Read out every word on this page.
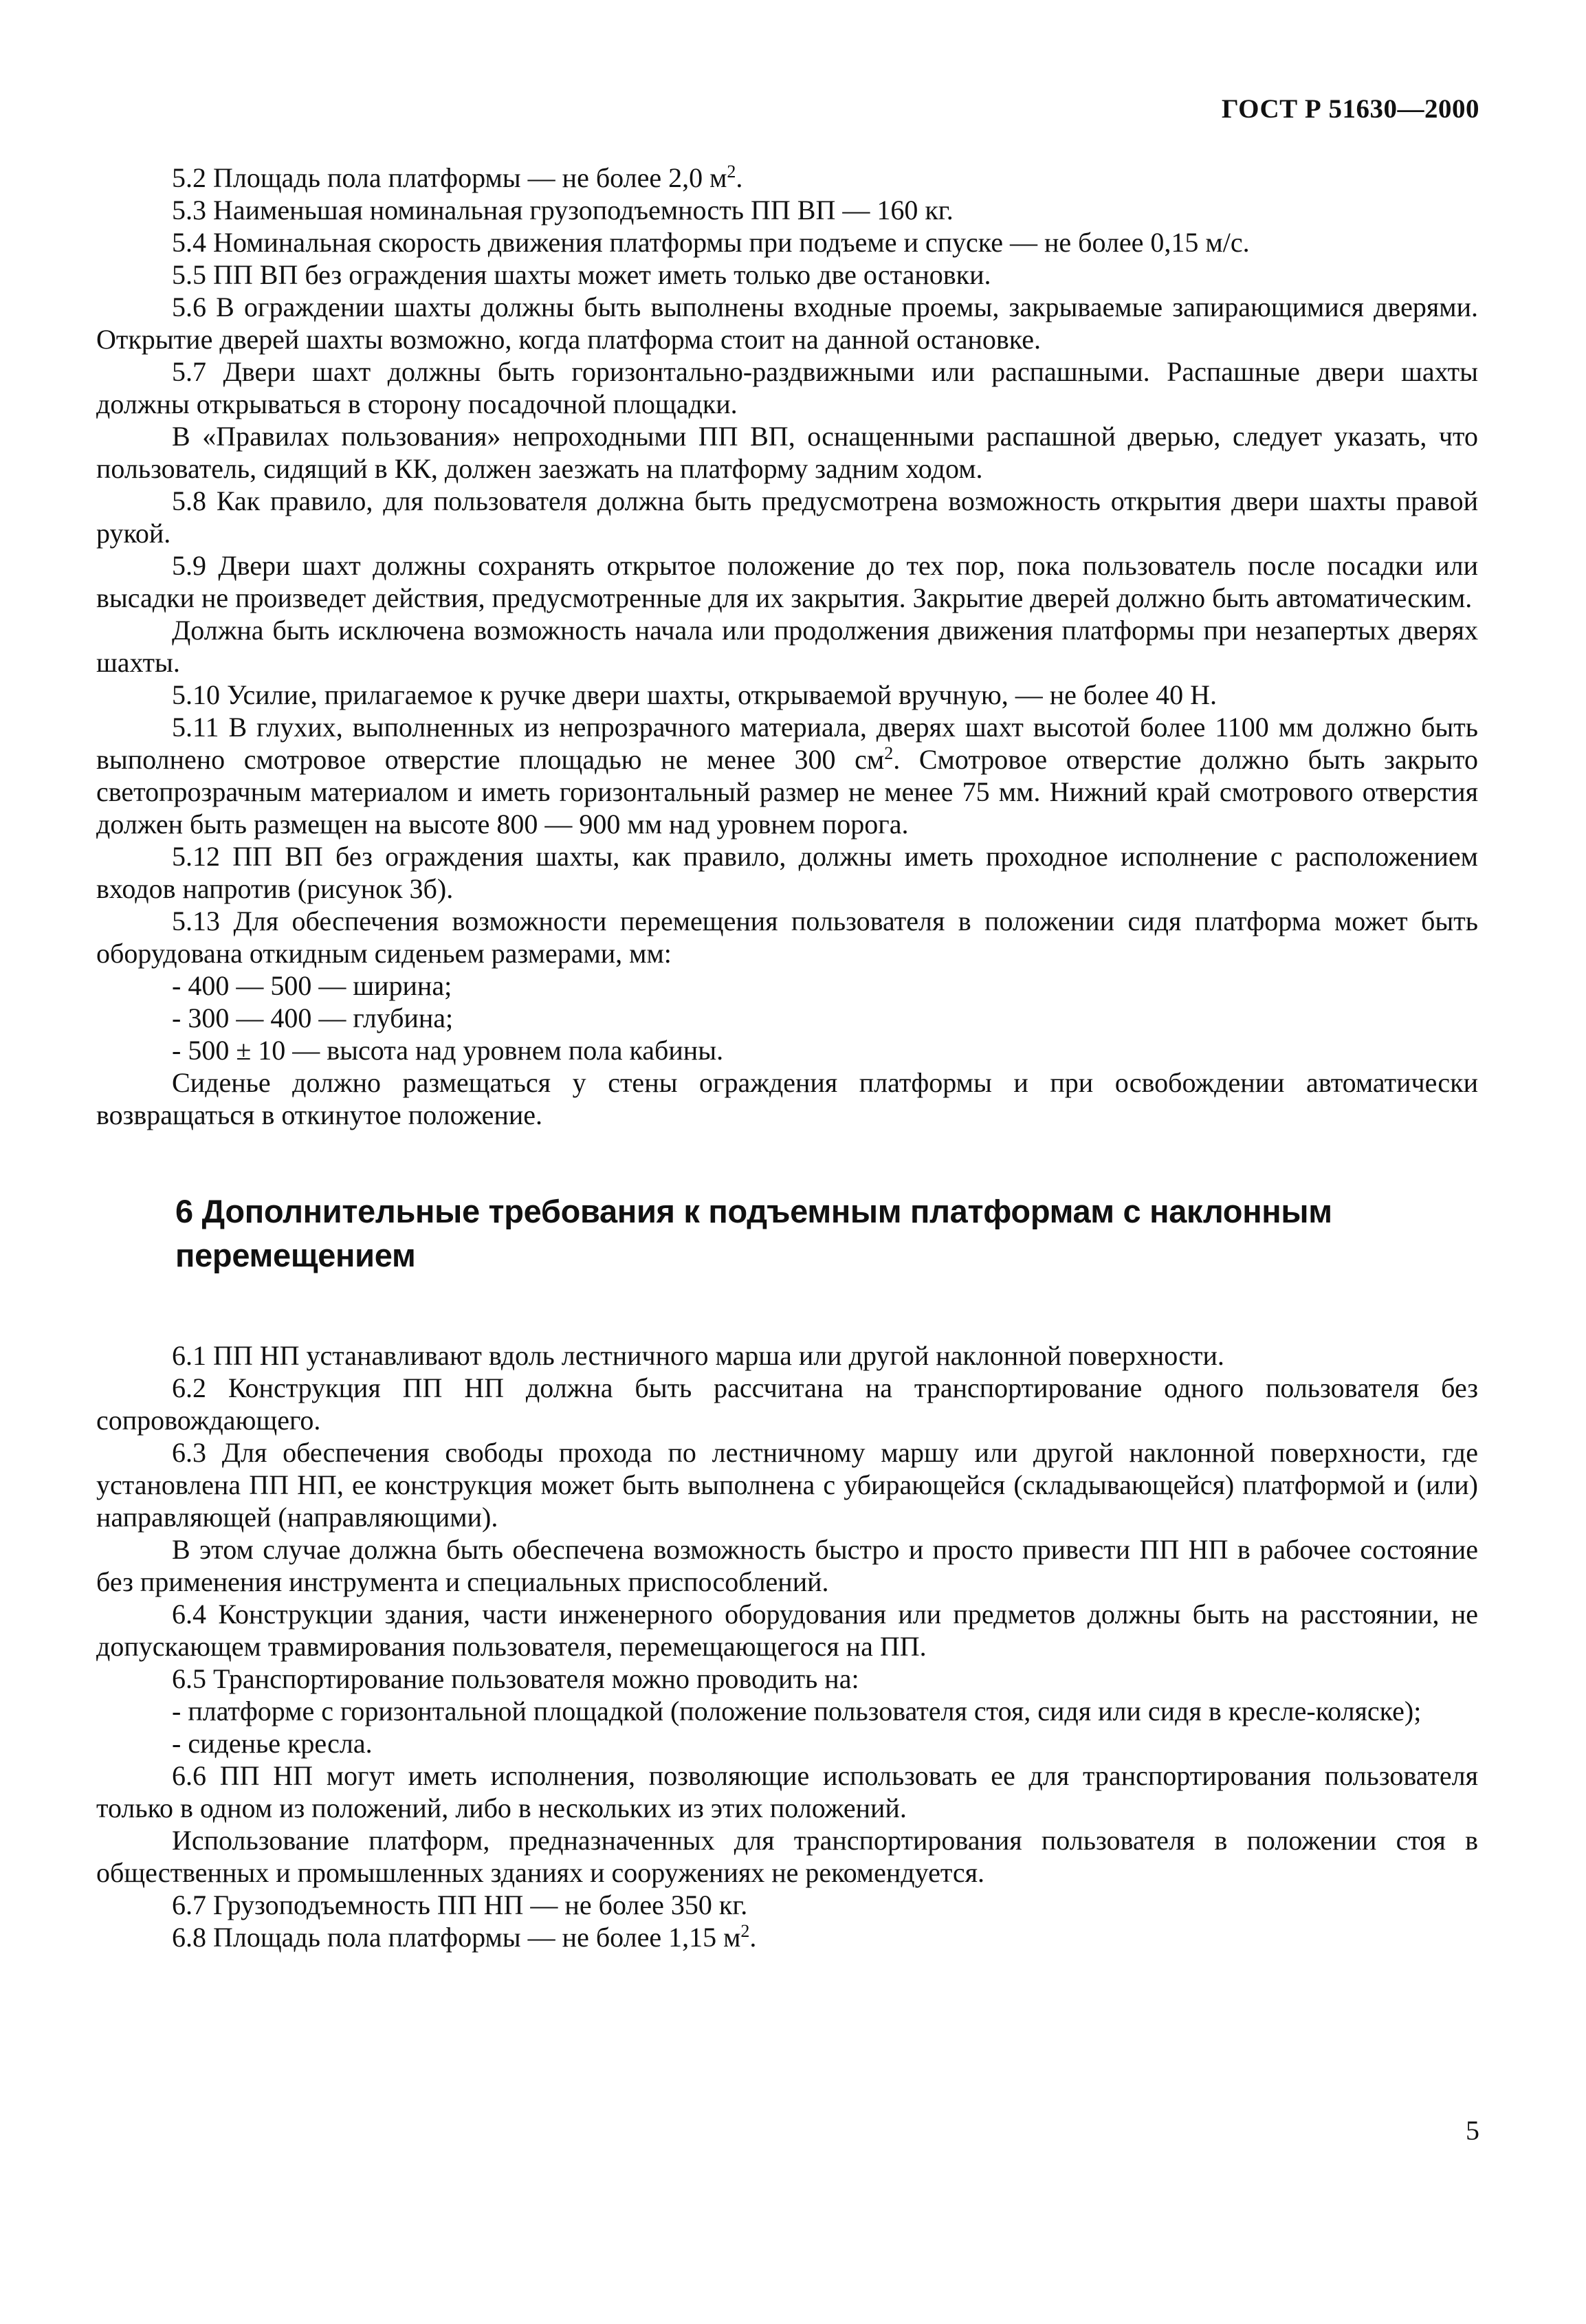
ГОСТ Р 51630—2000

5.2 Площадь пола платформы — не более 2,0 $м^2$.

5.3 Наименьшая номинальная грузоподъемность ПП ВП — 160 кг.

5.4 Номинальная скорость движения платформы при подъеме и спуске — не более 0,15 м/с.

5.5 ПП ВП без ограждения шахты может иметь только две остановки.

5.6 В ограждении шахты должны быть выполнены входные проемы, закрываемые запирающимися дверями. Открытие дверей шахты возможно, когда платформа стоит на данной остановке.

5.7 Двери шахт должны быть горизонтально-раздвижными или распашными. Распашные двери шахты должны открываться в сторону посадочной площадки.

В «Правилах пользования» непроходными ПП ВП, оснащенными распашной дверью, следует указать, что пользователь, сидящий в КК, должен заезжать на платформу задним ходом.

5.8 Как правило, для пользователя должна быть предусмотрена возможность открытия двери шахты правой рукой.

5.9 Двери шахт должны сохранять открытое положение до тех пор, пока пользователь после посадки или высадки не произведет действия, предусмотренные для их закрытия. Закрытие дверей должно быть автоматическим.

Должна быть исключена возможность начала или продолжения движения платформы при незапертых дверях шахты.

5.10 Усилие, прилагаемое к ручке двери шахты, открываемой вручную, — не более 40 Н.

5.11 В глухих, выполненных из непрозрачного материала, дверях шахт высотой более 1100 мм должно быть выполнено смотровое отверстие площадью не менее 300 $см^2$. Смотровое отверстие должно быть закрыто светопрозрачным материалом и иметь горизонтальный размер не менее 75 мм. Нижний край смотрового отверстия должен быть размещен на высоте 800 — 900 мм над уровнем порога.

5.12 ПП ВП без ограждения шахты, как правило, должны иметь проходное исполнение с расположением входов напротив (рисунок 3б).

5.13 Для обеспечения возможности перемещения пользователя в положении сидя платформа может быть оборудована откидным сиденьем размерами, мм:

- 400 — 500 — ширина;

- 300 — 400 — глубина;

- 500 ± 10 — высота над уровнем пола кабины.

Сиденье должно размещаться у стены ограждения платформы и при освобождении автоматически возвращаться в откинутое положение.

6 Дополнительные требования к подъемным платформам с наклонным перемещением

6.1 ПП НП устанавливают вдоль лестничного марша или другой наклонной поверхности.

6.2 Конструкция ПП НП должна быть рассчитана на транспортирование одного пользователя без сопровождающего.

6.3 Для обеспечения свободы прохода по лестничному маршу или другой наклонной поверхности, где установлена ПП НП, ее конструкция может быть выполнена с убирающейся (складывающейся) платформой и (или) направляющей (направляющими).

В этом случае должна быть обеспечена возможность быстро и просто привести ПП НП в рабочее состояние без применения инструмента и специальных приспособлений.

6.4 Конструкции здания, части инженерного оборудования или предметов должны быть на расстоянии, не допускающем травмирования пользователя, перемещающегося на ПП.

6.5 Транспортирование пользователя можно проводить на:

- платформе с горизонтальной площадкой (положение пользователя стоя, сидя или сидя в кресле-коляске);

- сиденье кресла.

6.6 ПП НП могут иметь исполнения, позволяющие использовать ее для транспортирования пользователя только в одном из положений, либо в нескольких из этих положений.

Использование платформ, предназначенных для транспортирования пользователя в положении стоя в общественных и промышленных зданиях и сооружениях не рекомендуется.

6.7 Грузоподъемность ПП НП — не более 350 кг.

6.8 Площадь пола платформы — не более 1,15 $м^2$.

5
